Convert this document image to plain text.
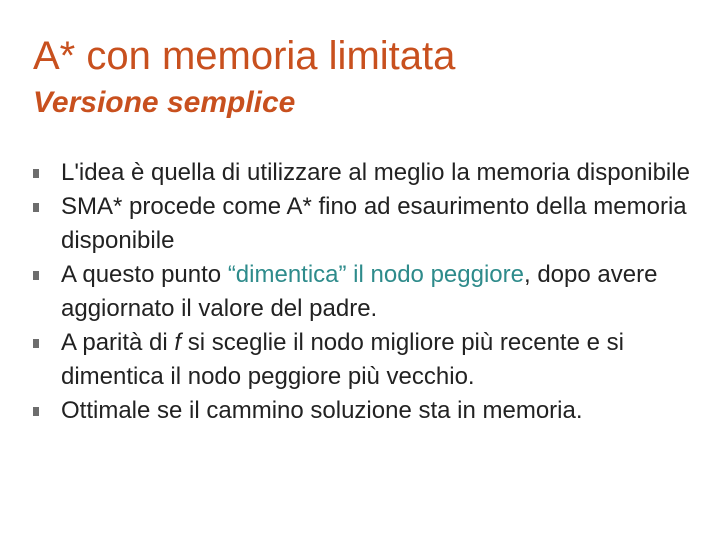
A* con memoria limitata
Versione semplice
L'idea è quella di utilizzare al meglio la memoria disponibile
SMA* procede come A* fino ad esaurimento della memoria disponibile
A questo punto “dimentica” il nodo peggiore, dopo avere aggiornato il valore del padre.
A parità di f si sceglie il nodo migliore più recente e si dimentica il nodo peggiore più vecchio.
Ottimale se il cammino soluzione sta in memoria.
